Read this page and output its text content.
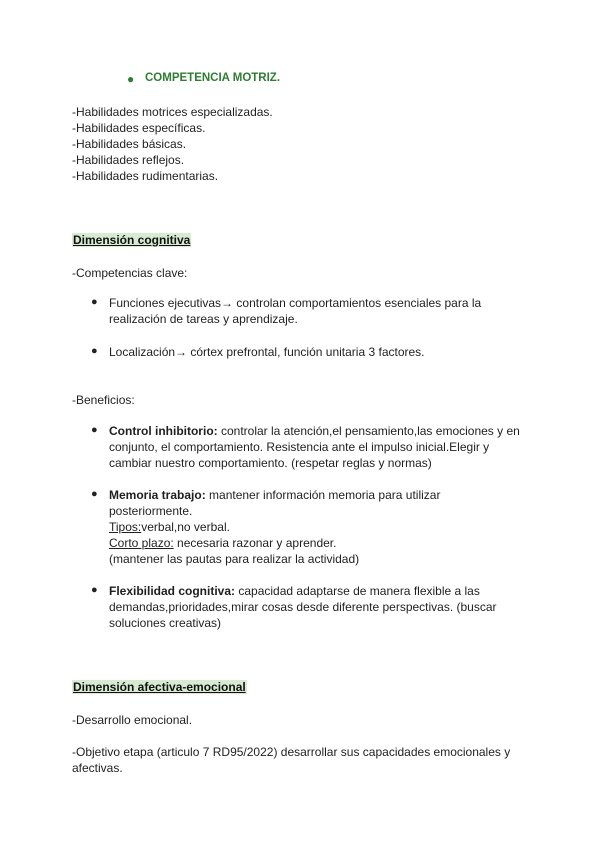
● COMPETENCIA MOTRIZ.
-Habilidades motrices especializadas.
-Habilidades específicas.
-Habilidades básicas.
-Habilidades reflejos.
-Habilidades rudimentarias.
Dimensión cognitiva
-Competencias clave:
● Funciones ejecutivas→ controlan comportamientos esenciales para la
realización de tareas y aprendizaje.
● Localización→ córtex prefrontal, función unitaria 3 factores.
-Beneficios:
● Control inhibitorio: controlar la atención,el pensamiento,las emociones y en
conjunto, el comportamiento. Resistencia ante el impulso inicial.Elegir y
cambiar nuestro comportamiento. (respetar reglas y normas)
● Memoria trabajo: mantener información memoria para utilizar
posteriormente.
Tipos:verbal,no verbal.
Corto plazo: necesaria razonar y aprender.
(mantener las pautas para realizar la actividad)
● Flexibilidad cognitiva: capacidad adaptarse de manera flexible a las
demandas,prioridades,mirar cosas desde diferente perspectivas. (buscar
soluciones creativas)
Dimensión afectiva-emocional
-Desarrollo emocional.
-Objetivo etapa (articulo 7 RD95/2022) desarrollar sus capacidades emocionales y
afectivas.
